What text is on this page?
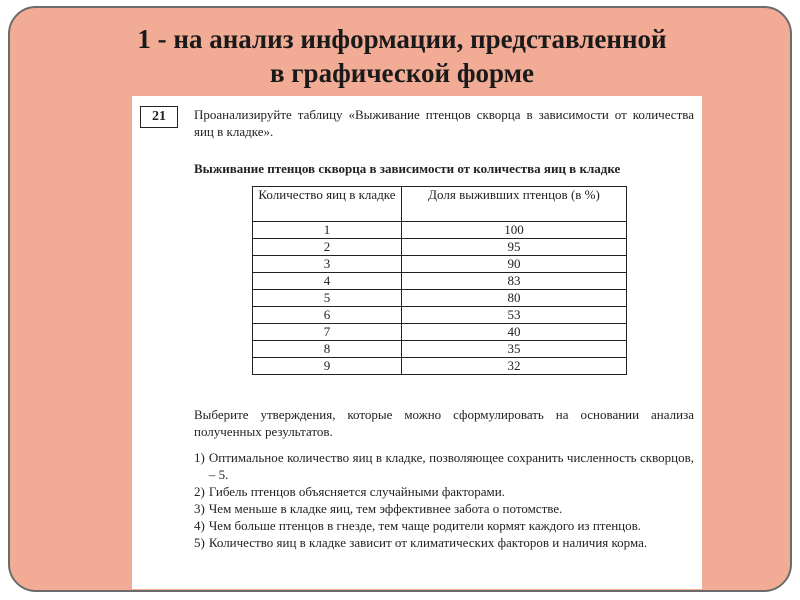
1 - на анализ информации, представленной
в графической форме
21	Проанализируйте таблицу «Выживание птенцов скворца в зависимости от количества яиц в кладке».
Выживание птенцов скворца в зависимости от количества яиц в кладке
Количество яиц в кладке	Доля выживших птенцов (в %)
1	100
2	95
3	90
4	83
5	80
6	53
7	40
8	35
9	32
Выберите утверждения, которые можно сформулировать на основании анализа полученных результатов.
1) Оптимальное количество яиц в кладке, позволяющее сохранить численность скворцов, – 5.
2) Гибель птенцов объясняется случайными факторами.
3) Чем меньше в кладке яиц, тем эффективнее забота о потомстве.
4) Чем больше птенцов в гнезде, тем чаще родители кормят каждого из птенцов.
5) Количество яиц в кладке зависит от климатических факторов и наличия корма.
